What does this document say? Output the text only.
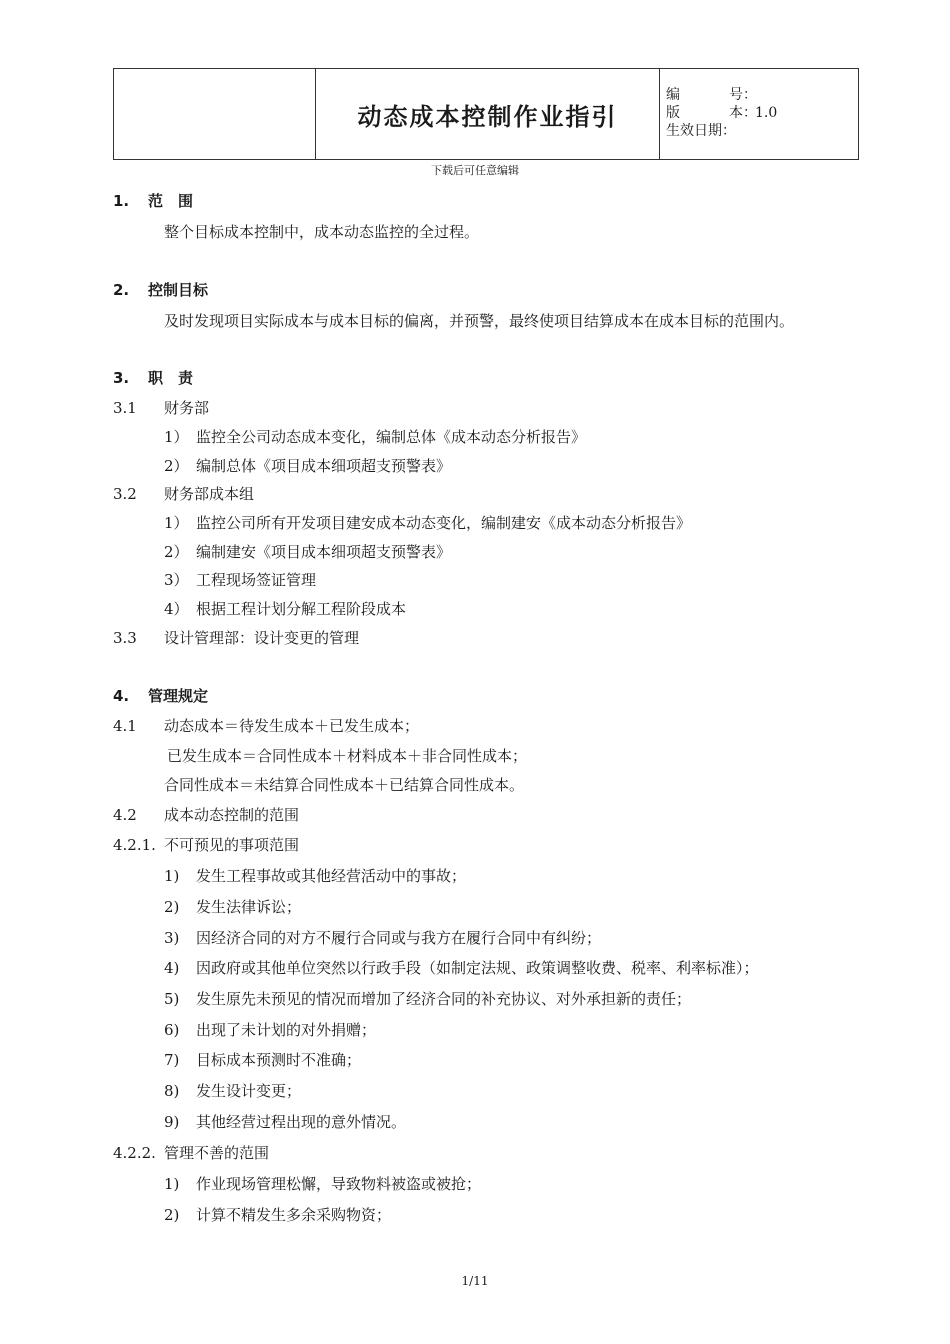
动态成本控制作业指引
编号 ：
版本 ：
1.0
生效日期 ：
下载后可任意编辑
1. 范　围
整个目标成本控制中，成本动态监控的全过程。
2. 控制目标
及时发现项目实际成本与成本目标的偏离，并预警，最终使项目结算成本在成本目标的范围内。
3. 职　责
3.1 财务部
1） 监控全公司动态成本变化，编制总体《成本动态分析报告》
2） 编制总体《项目成本细项超支预警表》
3.2 财务部成本组
1） 监控公司所有开发项目建安成本动态变化，编制建安《成本动态分析报告》
2） 编制建安《项目成本细项超支预警表》
3） 工程现场签证管理
4） 根据工程计划分解工程阶段成本
3.3 设计管理部：设计变更的管理
4. 管理规定
4.1 动态成本＝待发生成本＋已发生成本；
已发生成本＝合同性成本＋材料成本＋非合同性成本；
合同性成本＝未结算合同性成本＋已结算合同性成本。
4.2 成本动态控制的范围
4.2.1. 不可预见的事项范围
1) 发生工程事故或其他经营活动中的事故；
2) 发生法律诉讼；
3) 因经济合同的对方不履行合同或与我方在履行合同中有纠纷；
4) 因政府或其他单位突然以行政手段（如制定法规、政策调整收费、税率、利率标准）；
5) 发生原先未预见的情况而增加了经济合同的补充协议、对外承担新的责任；
6) 出现了未计划的对外捐赠；
7) 目标成本预测时不准确；
8) 发生设计变更；
9) 其他经营过程出现的意外情况。
4.2.2. 管理不善的范围
1) 作业现场管理松懈，导致物料被盗或被抢；
2) 计算不精发生多余采购物资；
1/11
